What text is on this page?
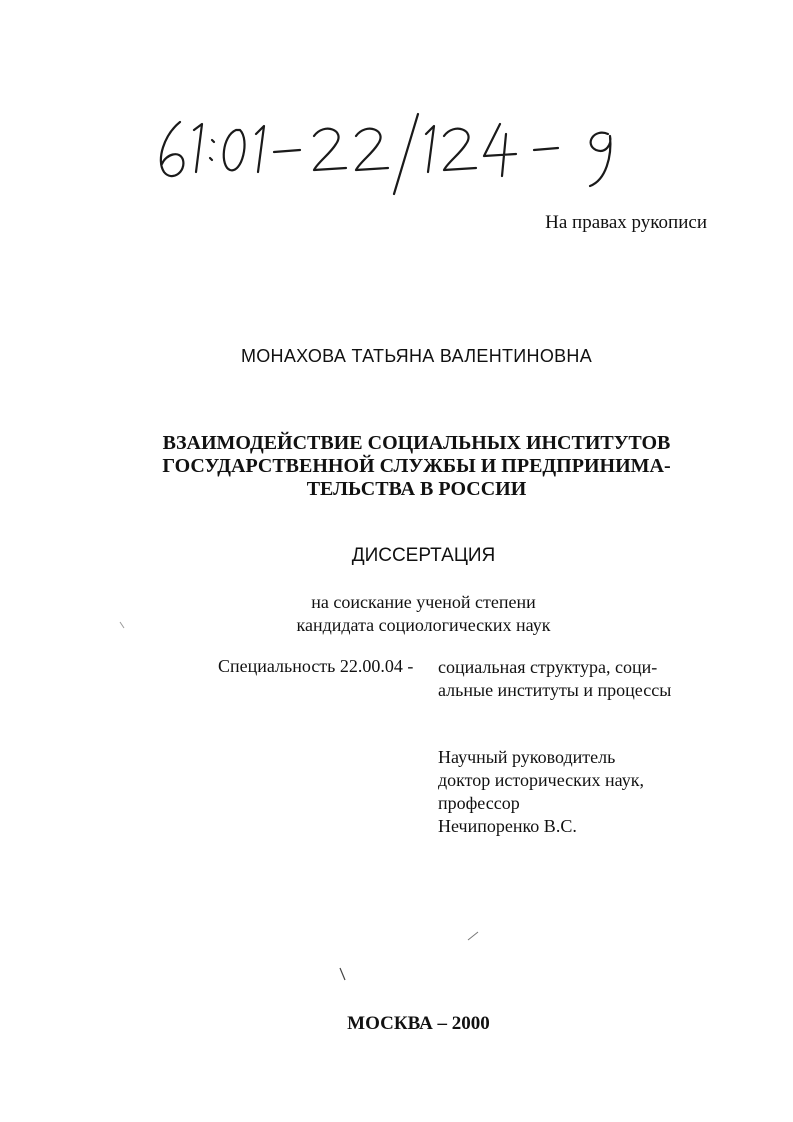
На правах рукописи
МОНАХОВА ТАТЬЯНА ВАЛЕНТИНОВНА
ВЗАИМОДЕЙСТВИЕ СОЦИАЛЬНЫХ ИНСТИТУТОВ
ГОСУДАРСТВЕННОЙ СЛУЖБЫ И ПРЕДПРИНИМА-
ТЕЛЬСТВА В РОССИИ
ДИССЕРТАЦИЯ
на соискание ученой степени
кандидата социологических наук
Специальность 22.00.04 - социальная структура, соци-
альные институты и процессы
Научный руководитель
доктор исторических наук,
профессор
Нечипоренко В.С.
МОСКВА – 2000
